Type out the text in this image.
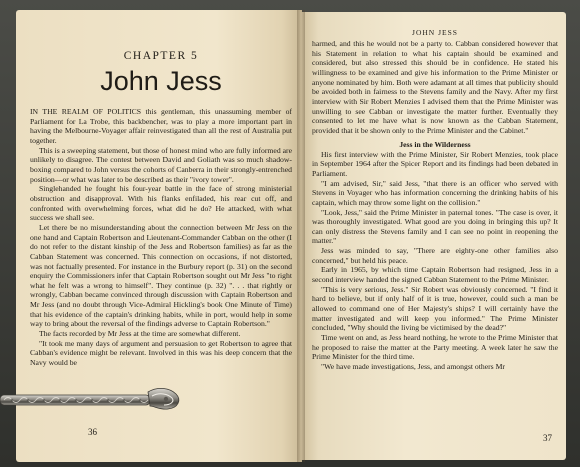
CHAPTER 5
John Jess

IN THE REALM OF POLITICS this gentleman, this unassuming member of Parliament for La Trobe, this backbencher, was to play a more important part in having the Melbourne-Voyager affair reinvestigated than all the rest of Australia put together.

This is a sweeping statement, but those of honest mind who are fully informed are unlikely to disagree. The contest between David and Goliath was so much shadow-boxing compared to John versus the cohorts of Canberra in their strongly-entrenched position—or what was later to be described as their "ivory tower".

Singlehanded he fought his four-year battle in the face of strong ministerial obstruction and disapproval. With his flanks enfiladed, his rear cut off, and confronted with overwhelming forces, what did he do? He attacked, with what success we shall see.

Let there be no misunderstanding about the connection between Mr Jess on the one hand and Captain Robertson and Lieutenant-Commander Cabban on the other (I do not refer to the distant kinship of the Jess and Robertson families) as far as the Cabban Statement was concerned. This connection on occasions, if not distorted, was not factually presented. For instance in the Burbury report (p. 31) on the second enquiry the Commissioners infer that Captain Robertson sought out Mr Jess "to right what he felt was a wrong to himself". They continue (p. 32) ". . . that rightly or wrongly, Cabban became convinced through discussion with Captain Robertson and Mr Jess (and no doubt through Vice-Admiral Hickling's book One Minute of Time) that his evidence of the captain's drinking habits, while in port, would help in some way to bring about the reversal of the findings adverse to Captain Robertson."

The facts recorded by Mr Jess at the time are somewhat different.

"It took me many days of argument and persuasion to get Robertson to agree that Cabban's evidence might be relevant. Involved in this was his deep concern that the Navy would be

36
JOHN JESS

harmed, and this he would not be a party to. Cabban considered however that his Statement in relation to what his captain should be examined and considered, but also stressed this should be in confidence. He stated his willingness to be examined and give his information to the Prime Minister or anyone nominated by him. Both were adamant at all times that publicity should be avoided both in fairness to the Stevens family and the Navy. After my first interview with Sir Robert Menzies I advised them that the Prime Minister was unwilling to see Cabban or investigate the matter further. Eventually they consented to let me have what is now known as the Cabban Statement, provided that it be shown only to the Prime Minister and the Cabinet."

Jess in the Wilderness

His first interview with the Prime Minister, Sir Robert Menzies, took place in September 1964 after the Spicer Report and its findings had been debated in Parliament.

"I am advised, Sir," said Jess, "that there is an officer who served with Stevens in Voyager who has information concerning the drinking habits of his captain, which may throw some light on the collision."

"Look, Jess," said the Prime Minister in paternal tones. "The case is over, it was thoroughly investigated. What good are you doing in bringing this up? It can only distress the Stevens family and I can see no point in reopening the matter."

Jess was minded to say, "There are eighty-one other families also concerned," but held his peace.

Early in 1965, by which time Captain Robertson had resigned, Jess in a second interview handed the signed Cabban Statement to the Prime Minister.

"This is very serious, Jess." Sir Robert was obviously concerned. "I find it hard to believe, but if only half of it is true, however, could such a man be allowed to command one of Her Majesty's ships? I will certainly have the matter investigated and will keep you informed." The Prime Minister concluded, "Why should the living be victimised by the dead?"

Time went on and, as Jess heard nothing, he wrote to the Prime Minister that he proposed to raise the matter at the Party meeting. A week later he saw the Prime Minister for the third time.

"We have made investigations, Jess, and amongst others Mr

37
